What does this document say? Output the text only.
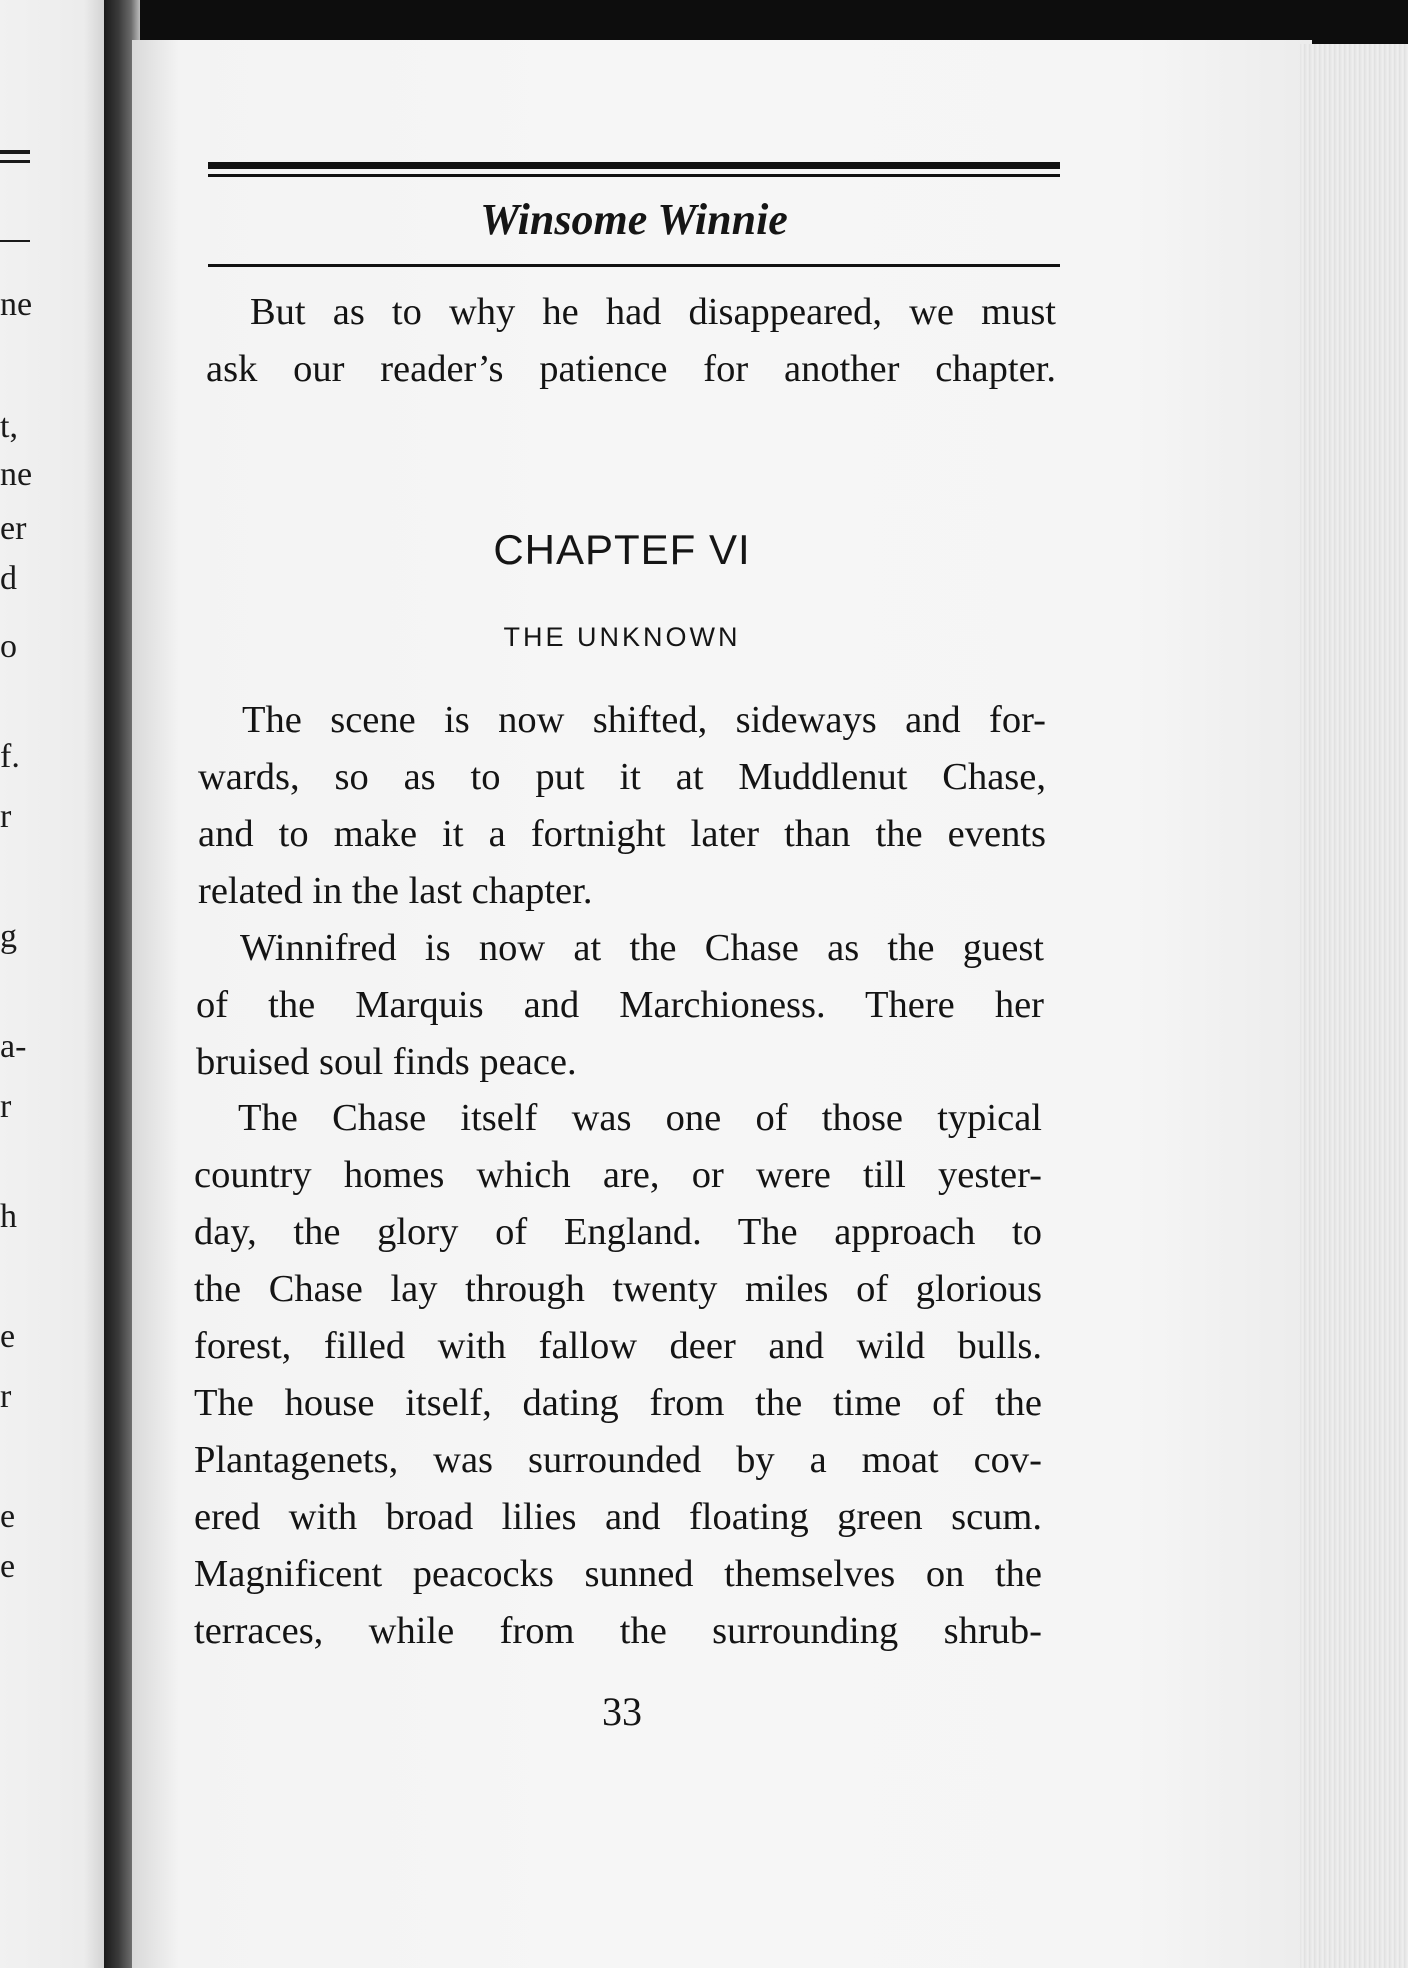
ne
t,
ne
er
d
o
f.
r
g
a-
r
h
e
r
e
e
Winsome Winnie
But as to why he had disappeared, we must
ask our reader’s patience for another chapter.
CHAPTEF VI
THE UNKNOWN
The scene is now shifted, sideways and for-
wards, so as to put it at Muddlenut Chase,
and to make it a fortnight later than the events
related in the last chapter.
Winnifred is now at the Chase as the guest
of the Marquis and Marchioness. There her
bruised soul finds peace.
The Chase itself was one of those typical
country homes which are, or were till yester-
day, the glory of England. The approach to
the Chase lay through twenty miles of glorious
forest, filled with fallow deer and wild bulls.
The house itself, dating from the time of the
Plantagenets, was surrounded by a moat cov-
ered with broad lilies and floating green scum.
Magnificent peacocks sunned themselves on the
terraces, while from the surrounding shrub-
33
